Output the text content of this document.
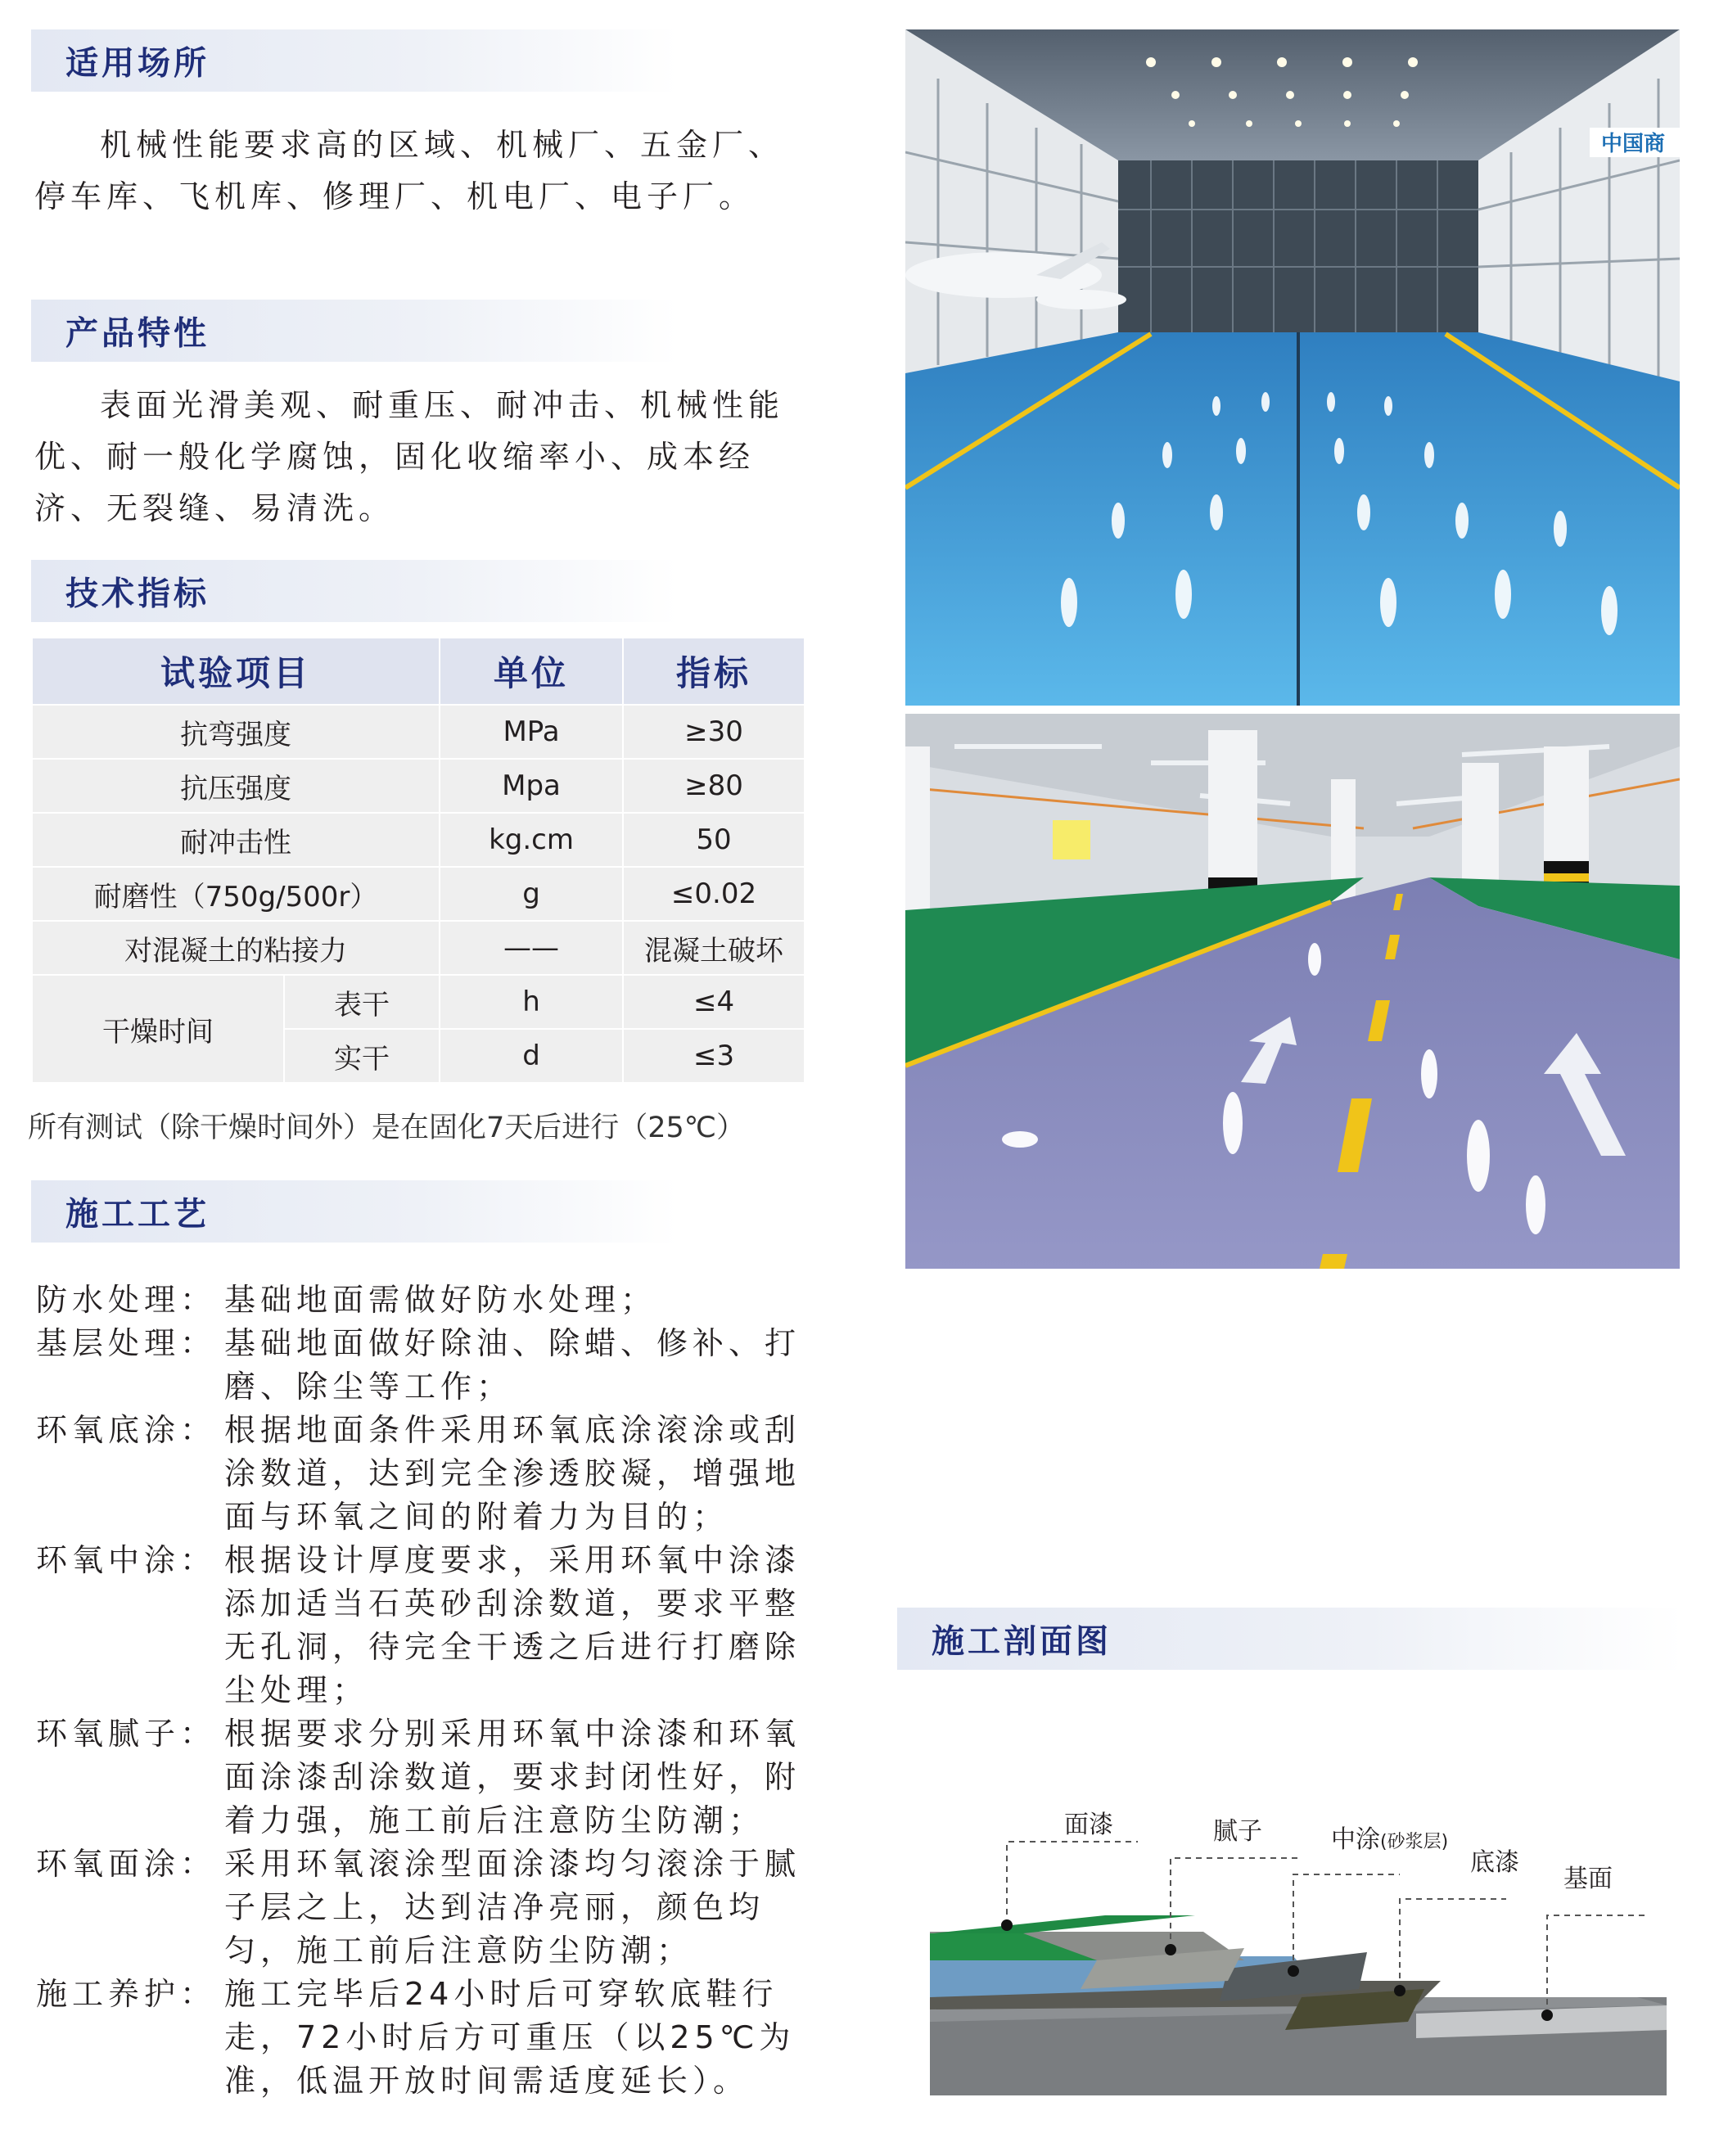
适用场所

机械性能要求高的区域、机械厂、五金厂、停车库、飞机库、修理厂、机电厂、电子厂。

产品特性

表面光滑美观、耐重压、耐冲击、机械性能优、耐一般化学腐蚀，固化收缩率小、成本经济、无裂缝、易清洗。

技术指标
试验项目		单位	指标
抗弯强度		MPa	≥30
抗压强度		Mpa	≥80
耐冲击性		kg.cm	50
耐磨性（750g/500r）		g	≤0.02
对混凝土的粘接力		——	混凝土破坏
干燥时间	表干	h	≤4
	实干	d	≤3
所有测试（除干燥时间外）是在固化7天后进行（25℃）
施工工艺
防水处理： 基础地面需做好防水处理；
基层处理： 基础地面做好除油、除蜡、修补、打磨、除尘等工作；
环氧底涂： 根据地面条件采用环氧底涂滚涂或刮涂数道，达到完全渗透胶凝，增强地面与环氧之间的附着力为目的；
环氧中涂： 根据设计厚度要求，采用环氧中涂漆添加适当石英砂刮涂数道，要求平整无孔洞，待完全干透之后进行打磨除尘处理；
环氧腻子： 根据要求分别采用环氧中涂漆和环氧面涂漆刮涂数道，要求封闭性好，附着力强，施工前后注意防尘防潮；
环氧面涂： 采用环氧滚涂型面涂漆均匀滚涂于腻子层之上，达到洁净亮丽，颜色均匀，施工前后注意防尘防潮；
施工养护： 施工完毕后24小时后可穿软底鞋行走，72小时后方可重压（以25℃为准，低温开放时间需适度延长）。
中国商
施工剖面图
面漆	腻子	中涂(砂浆层)
底漆
基面
